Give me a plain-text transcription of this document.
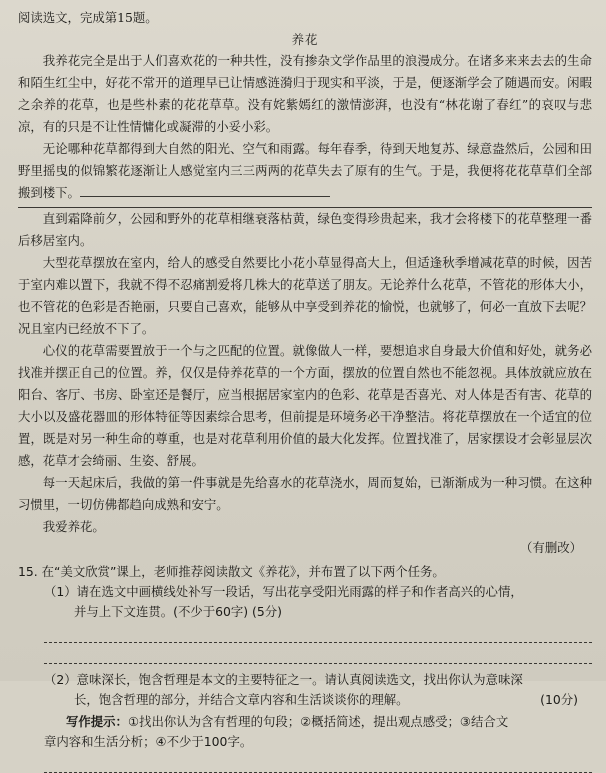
阅读选文，完成第15题。

养花

我养花完全是出于人们喜欢花的一种共性，没有掺杂文学作品里的浪漫成分。在诸多来来去去的生命和陌生红尘中，好花不常开的道理早已让情感涟漪归于现实和平淡，于是，便逐渐学会了随遇而安。闲暇之余养的花草，也是些朴素的花花草草。没有姹紫嫣红的激情澎湃，也没有“林花谢了春红”的哀叹与悲凉，有的只是不让性情慵化或凝滞的小妥小彩。

无论哪种花草都得到大自然的阳光、空气和雨露。每年春季，待到天地复苏、绿意盎然后，公园和田野里摇曳的似锦繁花逐渐让人感觉室内三三两两的花草失去了原有的生气。于是，我便将花花草草们全部搬到楼下。

直到霜降前夕，公园和野外的花草相继衰落枯黄，绿色变得珍贵起来，我才会将楼下的花草整理一番后移居室内。

大型花草摆放在室内，给人的感受自然要比小花小草显得高大上，但适逢秋季增减花草的时候，因苦于室内难以置下，我就不得不忍痛割爱将几株大的花草送了朋友。无论养什么花草，不管花的形体大小，也不管花的色彩是否艳丽，只要自己喜欢，能够从中享受到养花的愉悦，也就够了，何必一直放下去呢？况且室内已经放不下了。

心仪的花草需要置放于一个与之匹配的位置。就像做人一样，要想追求自身最大价值和好处，就务必找准并摆正自己的位置。养，仅仅是侍养花草的一个方面，摆放的位置自然也不能忽视。具体放就应放在阳台、客厅、书房、卧室还是餐厅，应当根据居家室内的色彩、花草是否喜光、对人体是否有害、花草的大小以及盛花器皿的形体特征等因素综合思考，但前提是环境务必干净整洁。将花草摆放在一个适宜的位置，既是对另一种生命的尊重，也是对花草利用价值的最大化发挥。位置找准了，居家摆设才会彰显层次感，花草才会绮丽、生姿、舒展。

每一天起床后，我做的第一件事就是先给喜水的花草浇水，周而复始，已渐渐成为一种习惯。在这种习惯里，一切仿佛都趋向成熟和安宁。

我爱养花。

（有删改）

15. 在“美文欣赏”课上，老师推荐阅读散文《养花》，并布置了以下两个任务。

（1）请在选文中画横线处补写一段话，写出花享受阳光雨露的样子和作者高兴的心情，
并与上下文连贯。(不少于60字) (5分)

（2）意味深长，饱含哲理是本文的主要特征之一。请认真阅读选文，找出你认为意味深
长，饱含哲理的部分，并结合文章内容和生活谈谈你的理解。	(10分)

写作提示：①找出你认为含有哲理的句段；②概括简述，提出观点感受；③结合文

章内容和生活分析；④不少于100字。
